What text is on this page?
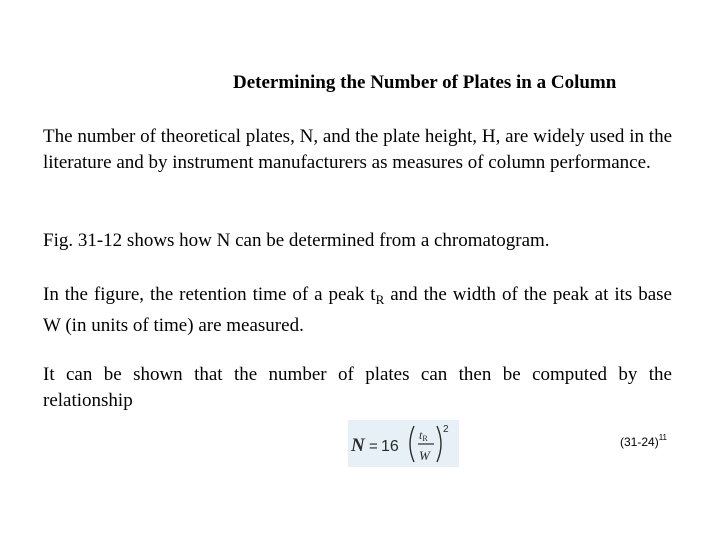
Determining the Number of Plates in a Column
The number of theoretical plates, N, and the plate height, H, are widely used in the literature and by instrument manufacturers as measures of column performance.
Fig. 31-12 shows how N can be determined from a chromatogram.
In the figure, the retention time of a peak $t_R$ and the width of the peak at its base W (in units of time) are measured.
It can be shown that the number of plates can then be computed by the relationship
N = 16
tR
W
2
$(31-24)^{11}$
